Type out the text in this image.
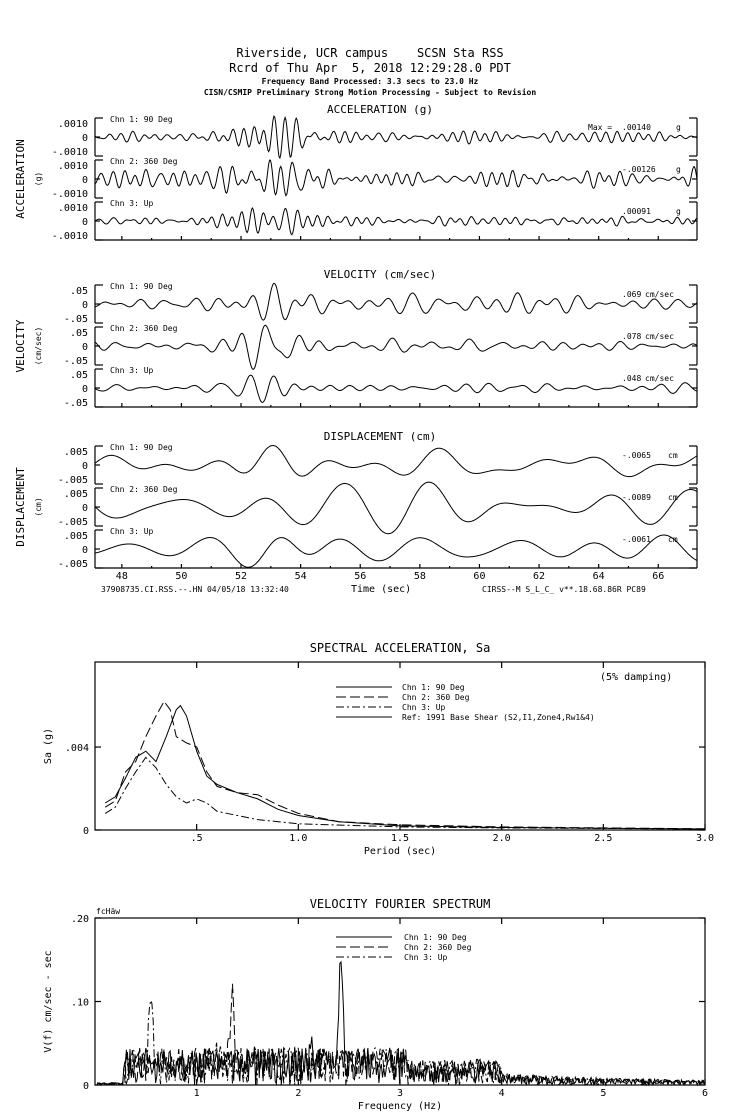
Riverside, UCR campus    SCSN Sta RSS
Rcrd of Thu Apr  5, 2018 12:29:28.0 PDT
Frequency Band Processed: 3.3 secs to 23.0 Hz
CISN/CSMIP Preliminary Strong Motion Processing - Subject to Revision
ACCELERATION (g)
ACCELERATION (g)
.0010
0
-.0010
Chn 1: 90 Deg
Max = .00140	g
.0010
0
-.0010
Chn 2: 360 Deg
-.00126	g
.0010
0
-.0010
Chn 3: Up
.00091	g
VELOCITY (cm/sec)
VELOCITY (cm/sec)
.05
0
-.05
Chn 1: 90 Deg
.069 cm/sec
.05
0
-.05
Chn 2: 360 Deg
.078 cm/sec
.05
0
-.05
Chn 3: Up
.048 cm/sec
DISPLACEMENT (cm)
DISPLACEMENT (cm)
.005
0
-.005
Chn 1: 90 Deg
-.0065 cm
.005
0
-.005
Chn 2: 360 Deg
-.0089 cm
.005
0
-.005
Chn 3: Up
-.0061 cm
48	50	52	54	56	58	60	62	64	66
Time (sec)
37908735.CI.RSS.--.HN 04/05/18 13:32:40	CIRSS--M S_L_C_ v**.18.68.86R PC89
SPECTRAL ACCELERATION, Sa
.5	1.0	1.5	2.0	2.5	3.0
.004
0
Period (sec)
Sa (g)
(5% damping)
Chn 1: 90 Deg
Chn 2: 360 Deg
Chn 3: Up
Ref: 1991 Base Shear (S2,I1,Zone4,Rw1&4)
VELOCITY FOURIER SPECTRUM
1	2	3	4	5	6
.20
.10
0
Frequency (Hz)
V(f) cm/sec - sec
fcHäw
Chn 1: 90 Deg
Chn 2: 360 Deg
Chn 3: Up
